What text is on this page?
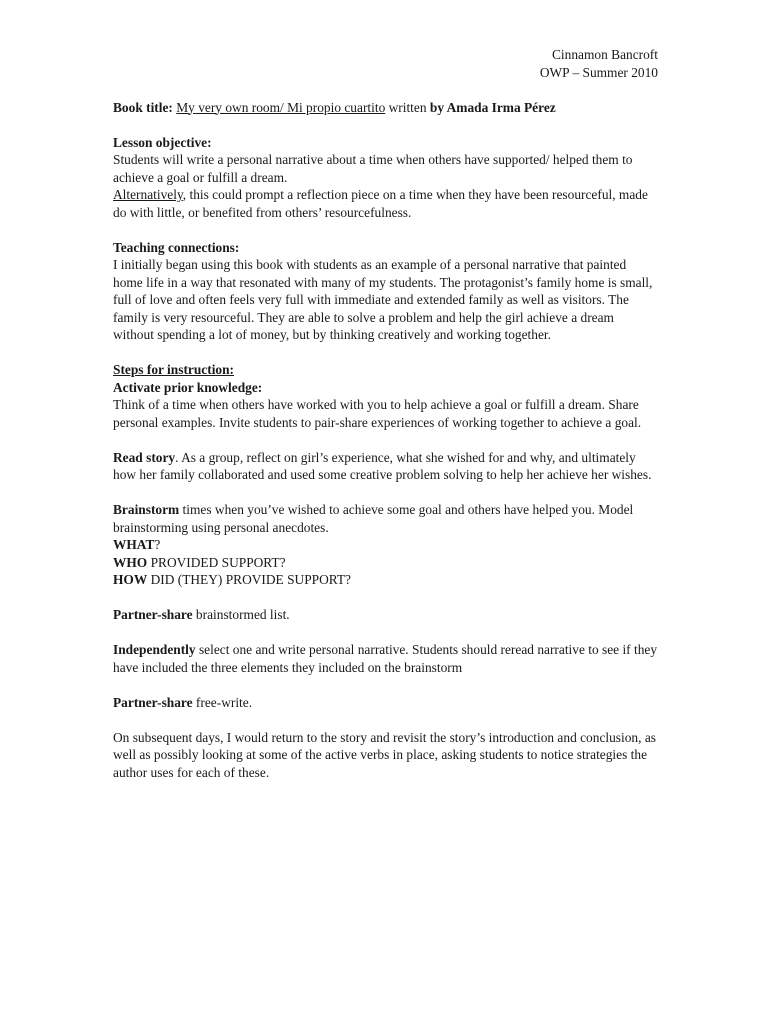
Cinnamon Bancroft
OWP – Summer 2010

Book title: My very own room/ Mi propio cuartito written by Amada Irma Pérez

Lesson objective:

Students will write a personal narrative about a time when others have supported/ helped them to achieve a goal or fulfill a dream.

Alternatively, this could prompt a reflection piece on a time when they have been resourceful, made do with little, or benefited from others’ resourcefulness.

Teaching connections:

I initially began using this book with students as an example of a personal narrative that painted home life in a way that resonated with many of my students. The protagonist’s family home is small, full of love and often feels very full with immediate and extended family as well as visitors. The family is very resourceful. They are able to solve a problem and help the girl achieve a dream without spending a lot of money, but by thinking creatively and working together.

Steps for instruction:

Activate prior knowledge:

Think of a time when others have worked with you to help achieve a goal or fulfill a dream. Share personal examples. Invite students to pair-share experiences of working together to achieve a goal.

Read story. As a group, reflect on girl’s experience, what she wished for and why, and ultimately how her family collaborated and used some creative problem solving to help her achieve her wishes.

Brainstorm times when you’ve wished to achieve some goal and others have helped you. Model brainstorming using personal anecdotes.

WHAT?

WHO PROVIDED SUPPORT?

HOW DID (THEY) PROVIDE SUPPORT?

Partner-share brainstormed list.

Independently select one and write personal narrative. Students should reread narrative to see if they have included the three elements they included on the brainstorm

Partner-share free-write.

On subsequent days, I would return to the story and revisit the story’s introduction and conclusion, as well as possibly looking at some of the active verbs in place, asking students to notice strategies the author uses for each of these.
